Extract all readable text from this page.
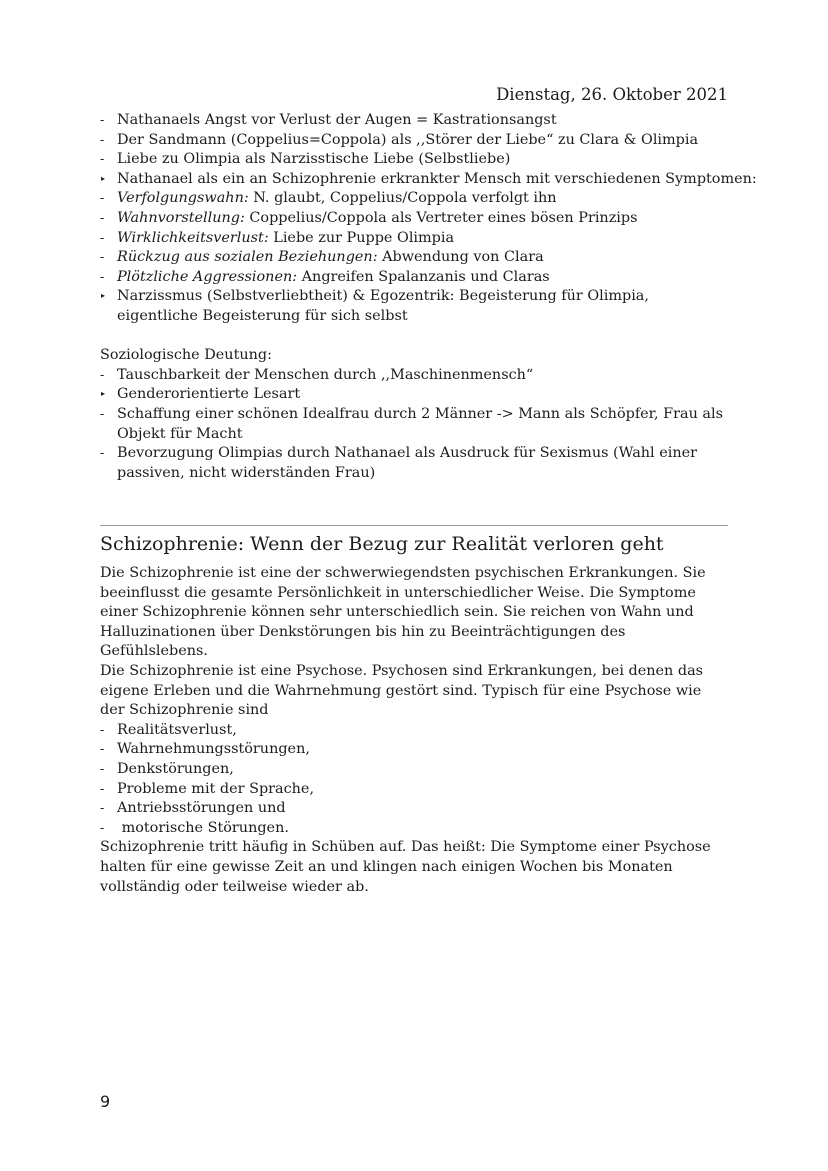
Dienstag, 26. Oktober 2021
- Nathanaels Angst vor Verlust der Augen = Kastrationsangst
- Der Sandmann (Coppelius=Coppola) als ,,Störer der Liebe“ zu Clara & Olimpia
- Liebe zu Olimpia als Narzisstische Liebe (Selbstliebe)
▸ Nathanael als ein an Schizophrenie erkrankter Mensch mit verschiedenen Symptomen:
- Verfolgungswahn: N. glaubt, Coppelius/Coppola verfolgt ihn
- Wahnvorstellung: Coppelius/Coppola als Vertreter eines bösen Prinzips
- Wirklichkeitsverlust: Liebe zur Puppe Olimpia
- Rückzug aus sozialen Beziehungen: Abwendung von Clara
- Plötzliche Aggressionen: Angreifen Spalanzanis und Claras
▸ Narzissmus (Selbstverliebtheit) & Egozentrik: Begeisterung für Olimpia, eigentliche Begeisterung für sich selbst

Soziologische Deutung:

- Tauschbarkeit der Menschen durch ,,Maschinenmensch“
▸ Genderorientierte Lesart
- Schaffung einer schönen Idealfrau durch 2 Männer -> Mann als Schöpfer, Frau als Objekt für Macht
- Bevorzugung Olimpias durch Nathanael als Ausdruck für Sexismus (Wahl einer passiven, nicht widerständen Frau)
Schizophrenie: Wenn der Bezug zur Realität verloren geht

Die Schizophrenie ist eine der schwerwiegendsten psychischen Erkrankungen. Sie beeinflusst die gesamte Persönlichkeit in unterschiedlicher Weise. Die Symptome einer Schizophrenie können sehr unterschiedlich sein. Sie reichen von Wahn und Halluzinationen über Denkstörungen bis hin zu Beeinträchtigungen des Gefühlslebens.

Die Schizophrenie ist eine Psychose. Psychosen sind Erkrankungen, bei denen das eigene Erleben und die Wahrnehmung gestört sind. Typisch für eine Psychose wie der Schizophrenie sind

- Realitätsverlust,
- Wahrnehmungsstörungen,
- Denkstörungen,
- Probleme mit der Sprache,
- Antriebsstörungen und
- motorische Störungen.

Schizophrenie tritt häufig in Schüben auf. Das heißt: Die Symptome einer Psychose halten für eine gewisse Zeit an und klingen nach einigen Wochen bis Monaten vollständig oder teilweise wieder ab.

9
